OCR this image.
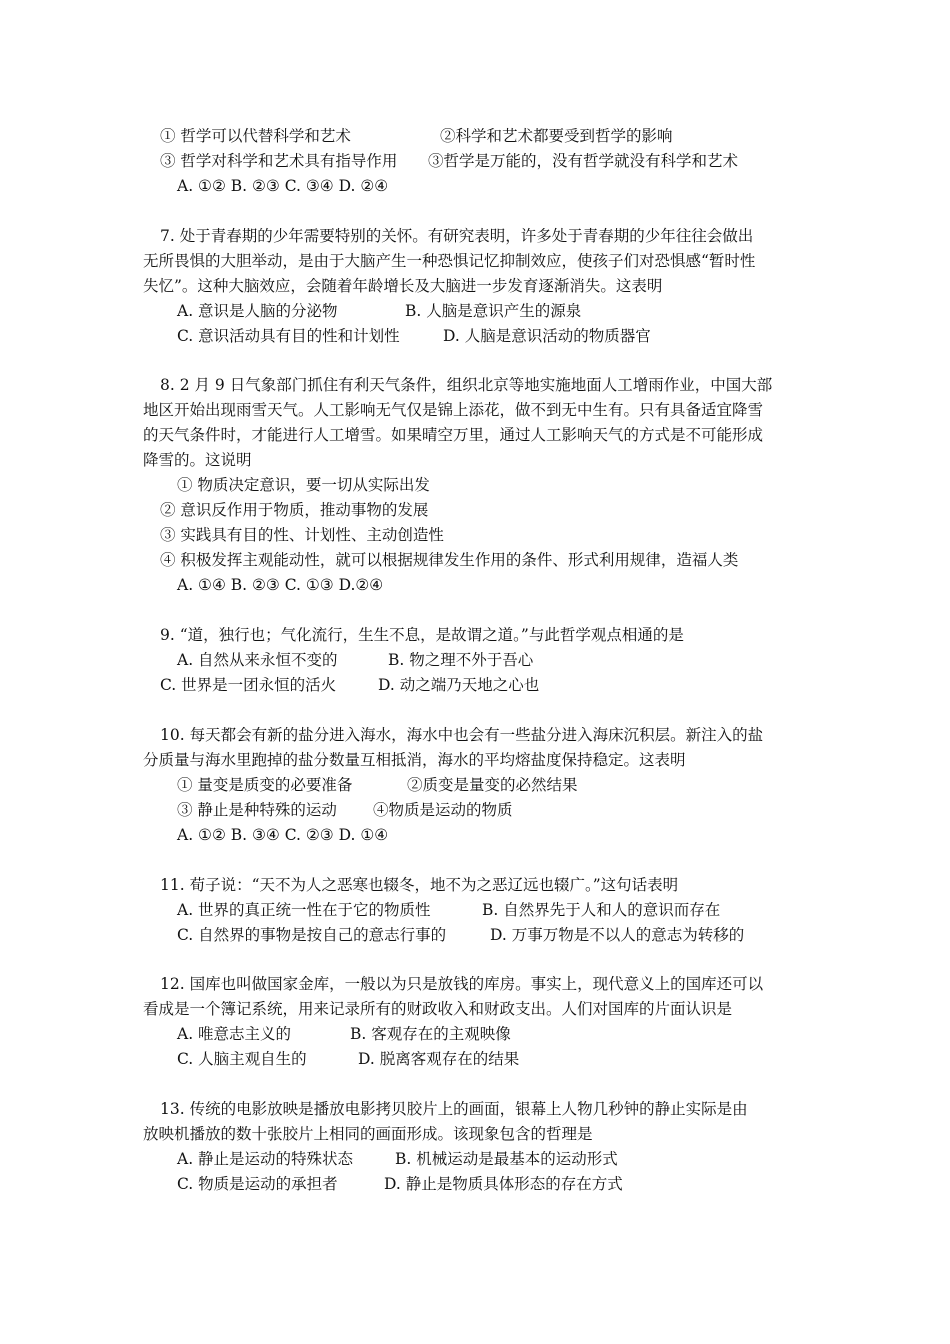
① 哲学可以代替科学和艺术	②科学和艺术都要受到哲学的影响
③ 哲学对科学和艺术具有指导作用 ③哲学是万能的，没有哲学就没有科学和艺术
A. ①② B. ②③ C. ③④ D. ②④
7. 处于青春期的少年需要特别的关怀。有研究表明，许多处于青春期的少年往往会做出
无所畏惧的大胆举动，是由于大脑产生一种恐惧记忆抑制效应，使孩子们对恐惧感“暂时性
失忆”。这种大脑效应，会随着年龄增长及大脑进一步发育逐渐消失。这表明
A. 意识是人脑的分泌物	B. 人脑是意识产生的源泉
C. 意识活动具有目的性和计划性	D. 人脑是意识活动的物质器官
8. 2 月 9 日气象部门抓住有利天气条件，组织北京等地实施地面人工增雨作业，中国大部
地区开始出现雨雪天气。人工影响无气仅是锦上添花，做不到无中生有。只有具备适宜降雪
的天气条件时，才能进行人工增雪。如果晴空万里，通过人工影响天气的方式是不可能形成
降雪的。这说明
① 物质决定意识，要一切从实际出发
② 意识反作用于物质，推动事物的发展
③ 实践具有目的性、计划性、主动创造性
④ 积极发挥主观能动性，就可以根据规律发生作用的条件、形式利用规律，造福人类
A. ①④ B. ②③ C. ①③ D.②④
9. “道，独行也；气化流行，生生不息，是故谓之道。”与此哲学观点相通的是
A. 自然从来永恒不变的	B. 物之理不外于吾心
C. 世界是一团永恒的活火	D. 动之端乃天地之心也
10. 每天都会有新的盐分进入海水，海水中也会有一些盐分进入海床沉积层。新注入的盐
分质量与海水里跑掉的盐分数量互相抵消，海水的平均熔盐度保持稳定。这表明
① 量变是质变的必要准备	②质变是量变的必然结果
③ 静止是种特殊的运动 ④物质是运动的物质
A. ①② B. ③④ C. ②③ D. ①④
11. 荀子说：“天不为人之恶寒也辍冬，地不为之恶辽远也辍广。”这句话表明
A. 世界的真正统一性在于它的物质性	B. 自然界先于人和人的意识而存在
C. 自然界的事物是按自己的意志行事的	D. 万事万物是不以人的意志为转移的
12. 国库也叫做国家金库，一般以为只是放钱的库房。事实上，现代意义上的国库还可以
看成是一个簿记系统，用来记录所有的财政收入和财政支出。人们对国库的片面认识是
A. 唯意志主义的	B. 客观存在的主观映像
C. 人脑主观自生的	D. 脱离客观存在的结果
13. 传统的电影放映是播放电影拷贝胶片上的画面，银幕上人物几秒钟的静止实际是由
放映机播放的数十张胶片上相同的画面形成。该现象包含的哲理是
A. 静止是运动的特殊状态	B. 机械运动是最基本的运动形式
C. 物质是运动的承担者	D. 静止是物质具体形态的存在方式
